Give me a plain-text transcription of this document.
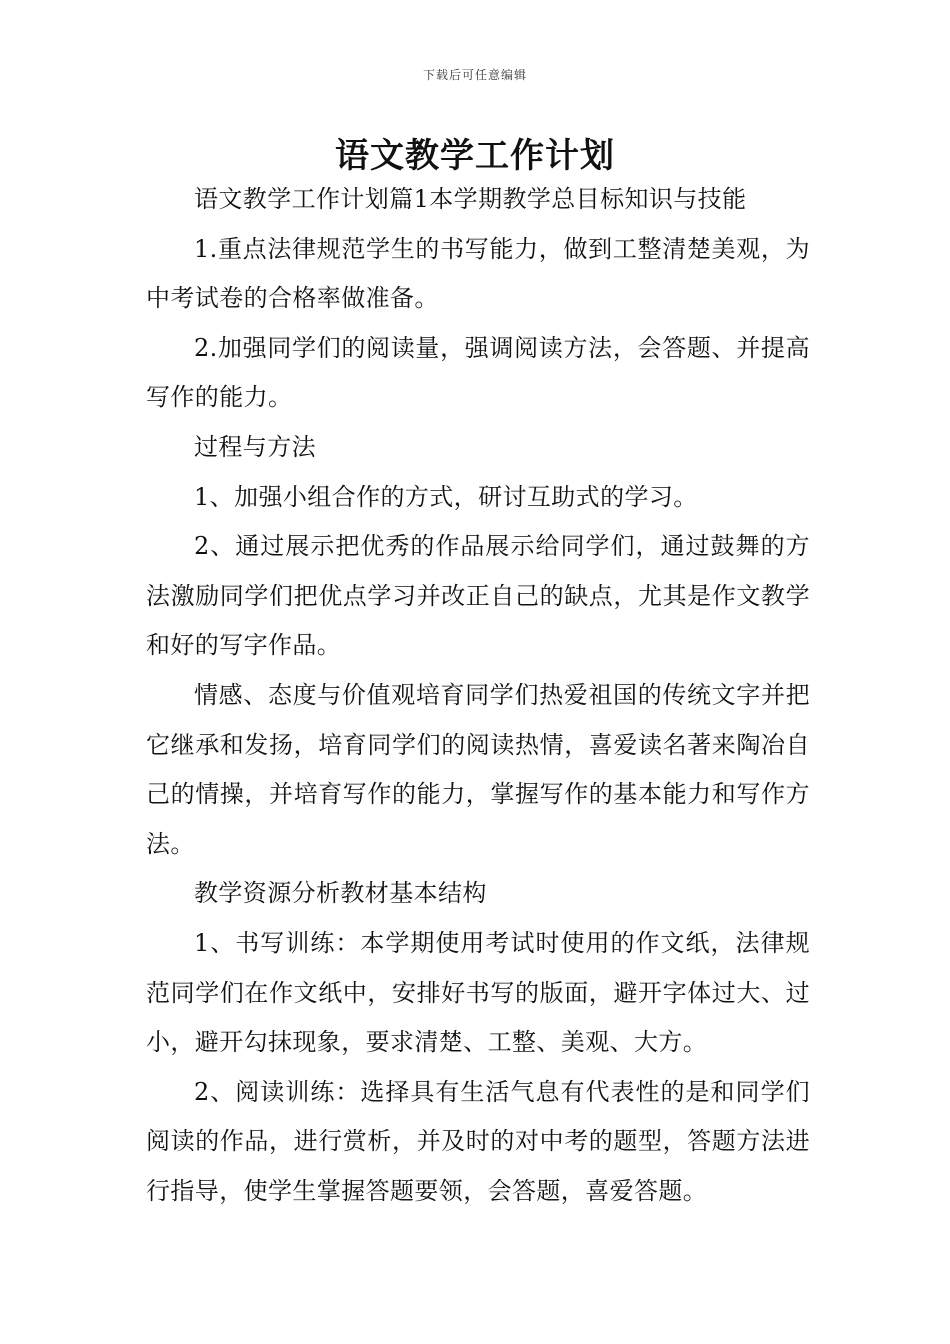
下载后可任意编辑
语文教学工作计划

语文教学工作计划篇1本学期教学总目标知识与技能

1.重点法律规范学生的书写能力，做到工整清楚美观，为中考试卷的合格率做准备。

2.加强同学们的阅读量，强调阅读方法，会答题、并提高写作的能力。

过程与方法

1、加强小组合作的方式，研讨互助式的学习。

2、通过展示把优秀的作品展示给同学们，通过鼓舞的方法激励同学们把优点学习并改正自己的缺点，尤其是作文教学和好的写字作品。

情感、态度与价值观培育同学们热爱祖国的传统文字并把它继承和发扬，培育同学们的阅读热情，喜爱读名著来陶冶自己的情操，并培育写作的能力，掌握写作的基本能力和写作方法。

教学资源分析教材基本结构

1、书写训练：本学期使用考试时使用的作文纸，法律规范同学们在作文纸中，安排好书写的版面，避开字体过大、过小，避开勾抹现象，要求清楚、工整、美观、大方。

2、阅读训练：选择具有生活气息有代表性的是和同学们阅读的作品，进行赏析，并及时的对中考的题型，答题方法进行指导，使学生掌握答题要领，会答题，喜爱答题。
